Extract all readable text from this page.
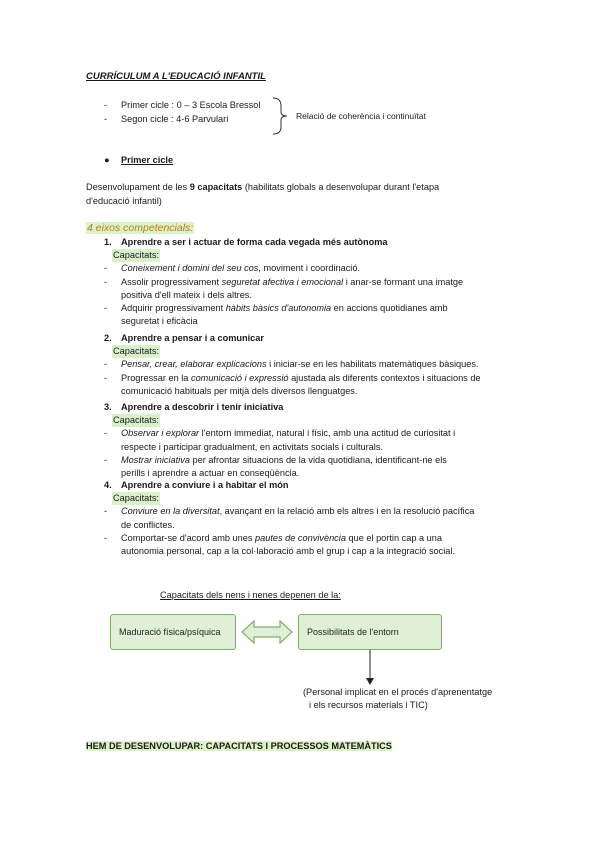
CURRÍCULUM A L'EDUCACIÓ INFANTIL
- Primer cicle : 0 – 3 Escola Bressol
- Segon cicle : 4-6 Parvulari	Relació de coherència i continuïtat
● Primer cicle
Desenvolupament de les 9 capacitats (habilitats globals a desenvolupar durant l'etapa
d'educació infantil)
4 eixos competencials:
1. Aprendre a ser i actuar de forma cada vegada més autònoma
Capacitats:
- Coneixement i domini del seu cos, moviment i coordinació.
- Assolir progressivament seguretat afectiva i emocional i anar-se formant una imatge
positiva d'ell mateix i dels altres.
- Adquirir progressivament hàbits bàsics d'autonomia en accions quotidianes amb
seguretat i eficàcia
2. Aprendre a pensar i a comunicar
Capacitats:
- Pensar, crear, elaborar explicacions i iniciar-se en les habilitats matemàtiques bàsiques.
- Progressar en la comunicació i expressió ajustada als diferents contextos i situacions de
comunicació habituals per mitjà dels diversos llenguatges.
3. Aprendre a descobrir i tenir iniciativa
Capacitats:
- Observar i explorar l'entorn immediat, natural i físic, amb una actitud de curiositat i
respecte i participar gradualment, en activitats socials i culturals.
- Mostrar iniciativa per afrontar situacions de la vida quotidiana, identificant-ne els
perills i aprendre a actuar en conseqüència.
4. Aprendre a conviure i a habitar el món
Capacitats:
- Conviure en la diversitat, avançant en la relació amb els altres i en la resolució pacífica
de conflictes.
- Comportar-se d'acord amb unes pautes de convivència que el portin cap a una
autonomia personal, cap a la col·laboració amb el grup i cap a la integració social.
Capacitats dels nens i nenes depenen de la:
Maduració física/psíquica	Possibilitats de l'entorn
(Personal implicat en el procés d'aprenentatge
i els recursos materials i TIC)
HEM DE DESENVOLUPAR: CAPACITATS I PROCESSOS MATEMÀTICS
